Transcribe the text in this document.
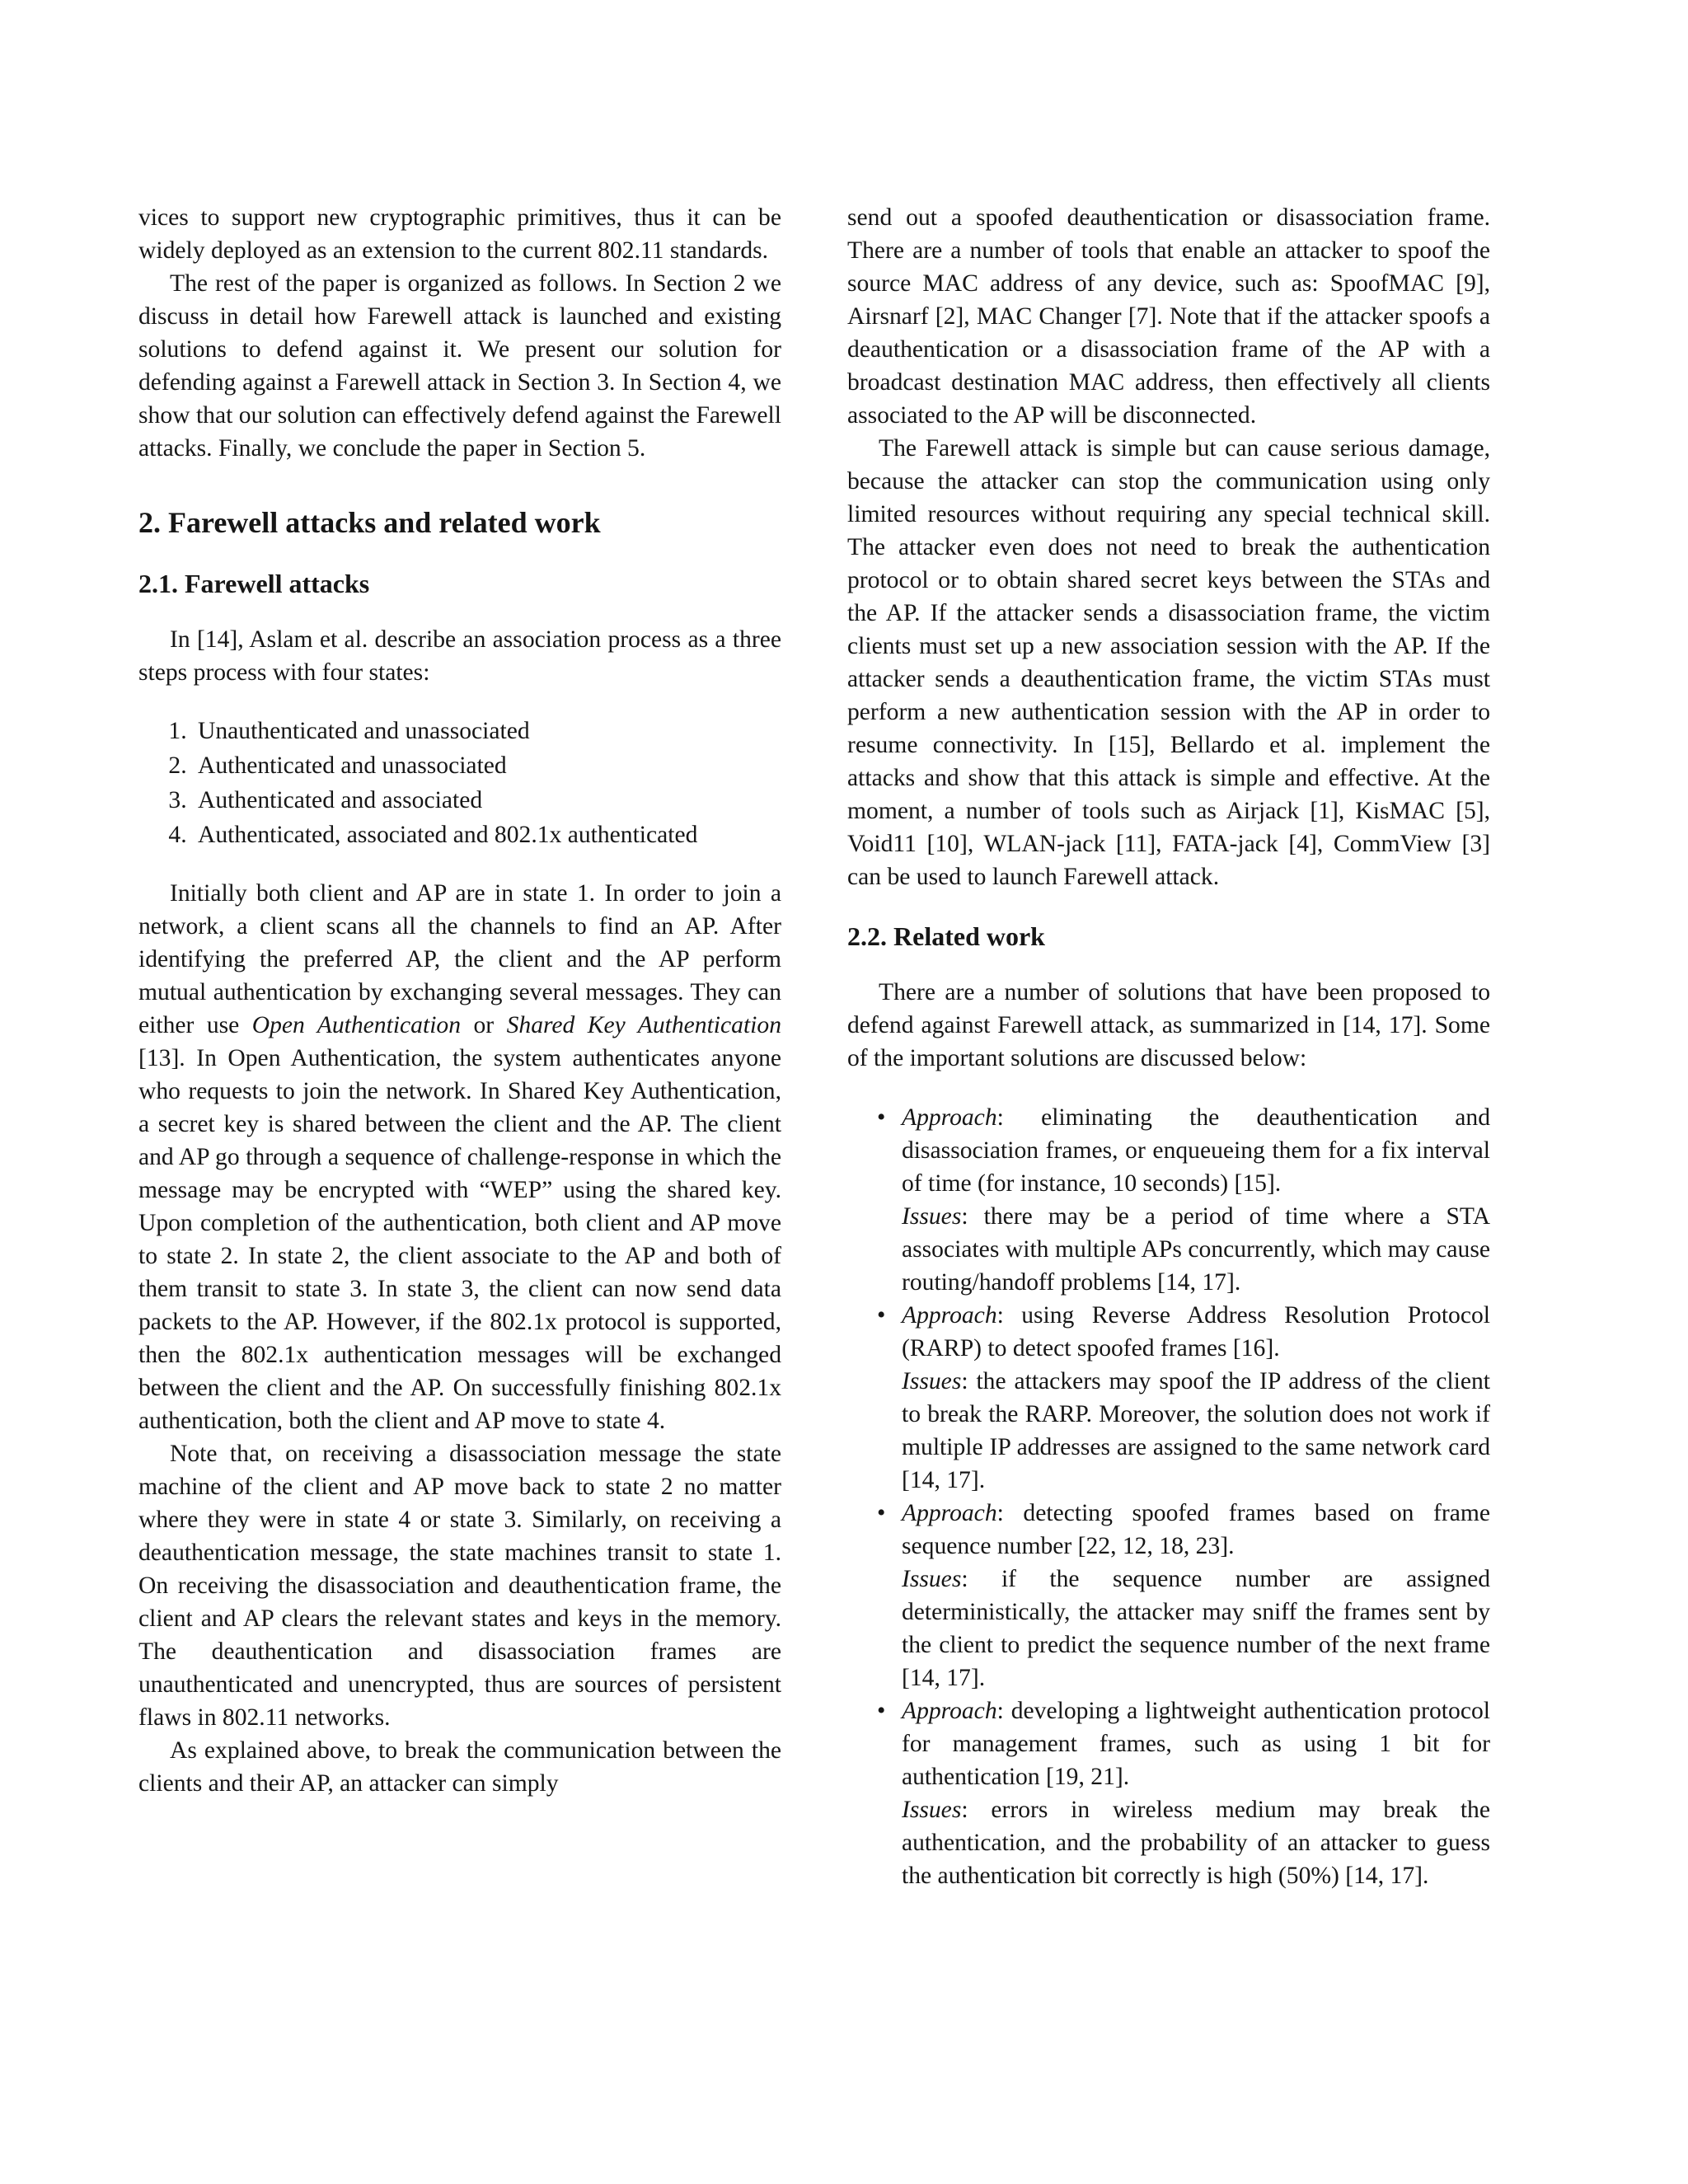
vices to support new cryptographic primitives, thus it can be widely deployed as an extension to the current 802.11 standards.

The rest of the paper is organized as follows. In Section 2 we discuss in detail how Farewell attack is launched and existing solutions to defend against it. We present our solution for defending against a Farewell attack in Section 3. In Section 4, we show that our solution can effectively defend against the Farewell attacks. Finally, we conclude the paper in Section 5.

2. Farewell attacks and related work
2.1. Farewell attacks

In [14], Aslam et al. describe an association process as a three steps process with four states:

1. Unauthenticated and unassociated
2. Authenticated and unassociated
3. Authenticated and associated
4. Authenticated, associated and 802.1x authenticated

Initially both client and AP are in state 1. In order to join a network, a client scans all the channels to find an AP. After identifying the preferred AP, the client and the AP perform mutual authentication by exchanging several messages. They can either use Open Authentication or Shared Key Authentication [13]. In Open Authentication, the system authenticates anyone who requests to join the network. In Shared Key Authentication, a secret key is shared between the client and the AP. The client and AP go through a sequence of challenge-response in which the message may be encrypted with “WEP” using the shared key. Upon completion of the authentication, both client and AP move to state 2. In state 2, the client associate to the AP and both of them transit to state 3. In state 3, the client can now send data packets to the AP. However, if the 802.1x protocol is supported, then the 802.1x authentication messages will be exchanged between the client and the AP. On successfully finishing 802.1x authentication, both the client and AP move to state 4.

Note that, on receiving a disassociation message the state machine of the client and AP move back to state 2 no matter where they were in state 4 or state 3. Similarly, on receiving a deauthentication message, the state machines transit to state 1. On receiving the disassociation and deauthentication frame, the client and AP clears the relevant states and keys in the memory. The deauthentication and disassociation frames are unauthenticated and unencrypted, thus are sources of persistent flaws in 802.11 networks.

As explained above, to break the communication between the clients and their AP, an attacker can simply

send out a spoofed deauthentication or disassociation frame. There are a number of tools that enable an attacker to spoof the source MAC address of any device, such as: SpoofMAC [9], Airsnarf [2], MAC Changer [7]. Note that if the attacker spoofs a deauthentication or a disassociation frame of the AP with a broadcast destination MAC address, then effectively all clients associated to the AP will be disconnected.

The Farewell attack is simple but can cause serious damage, because the attacker can stop the communication using only limited resources without requiring any special technical skill. The attacker even does not need to break the authentication protocol or to obtain shared secret keys between the STAs and the AP. If the attacker sends a disassociation frame, the victim clients must set up a new association session with the AP. If the attacker sends a deauthentication frame, the victim STAs must perform a new authentication session with the AP in order to resume connectivity. In [15], Bellardo et al. implement the attacks and show that this attack is simple and effective. At the moment, a number of tools such as Airjack [1], KisMAC [5], Void11 [10], WLAN-jack [11], FATA-jack [4], CommView [3] can be used to launch Farewell attack.

2.2. Related work

There are a number of solutions that have been proposed to defend against Farewell attack, as summarized in [14, 17]. Some of the important solutions are discussed below:

• Approach: eliminating the deauthentication and disassociation frames, or enqueueing them for a fix interval of time (for instance, 10 seconds) [15].

Issues: there may be a period of time where a STA associates with multiple APs concurrently, which may cause routing/handoff problems [14, 17].

• Approach: using Reverse Address Resolution Protocol (RARP) to detect spoofed frames [16].

Issues: the attackers may spoof the IP address of the client to break the RARP. Moreover, the solution does not work if multiple IP addresses are assigned to the same network card [14, 17].

• Approach: detecting spoofed frames based on frame sequence number [22, 12, 18, 23].

Issues: if the sequence number are assigned deterministically, the attacker may sniff the frames sent by the client to predict the sequence number of the next frame [14, 17].

• Approach: developing a lightweight authentication protocol for management frames, such as using 1 bit for authentication [19, 21].

Issues: errors in wireless medium may break the authentication, and the probability of an attacker to guess the authentication bit correctly is high (50%) [14, 17].
